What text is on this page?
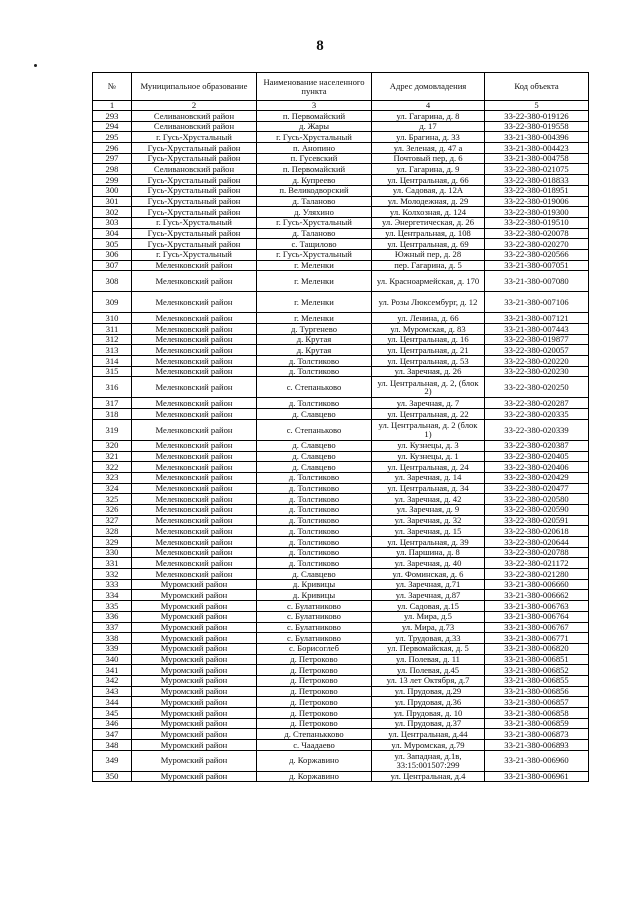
8
№	Муниципальное образование	Наименование населенного пункта	Адрес домовладения	Код объекта
1	2	3	4	5
293	Селивановский район	п. Первомайский	ул. Гагарина, д. 8	33-22-380-019126
294	Селивановский район	д. Жары	д. 17	33-22-380-019558
295	г. Гусь-Хрустальный	г. Гусь-Хрустальный	ул. Брагина, д. 33	33-21-380-004396
296	Гусь-Хрустальный район	п. Анопино	ул. Зеленая, д. 47 а	33-21-380-004423
297	Гусь-Хрустальный район	п. Гусевский	Почтовый пер, д. 6	33-21-380-004758
298	Селивановский район	п. Первомайский	ул. Гагарина, д. 9	33-22-380-021075
299	Гусь-Хрустальный район	д. Купреево	ул. Центральная, д. 66	33-22-380-018833
300	Гусь-Хрустальный район	п. Великодворский	ул. Садовая, д. 12А	33-22-380-018951
301	Гусь-Хрустальный район	д. Таланово	ул. Молодежная, д. 29	33-22-380-019006
302	Гусь-Хрустальный район	д. Уляхино	ул. Колхозная, д. 124	33-22-380-019300
303	г. Гусь-Хрустальный	г. Гусь-Хрустальный	ул. Энергетическая, д. 26	33-22-380-019510
304	Гусь-Хрустальный район	д. Таланово	ул. Центральная, д. 108	33-22-380-020078
305	Гусь-Хрустальный район	с. Тащилово	ул. Центральная, д. 69	33-22-380-020270
306	г. Гусь-Хрустальный	г. Гусь-Хрустальный	Южный пер, д. 28	33-22-380-020566
307	Меленковский район	г. Меленки	пер. Гагарина, д. 5	33-21-380-007051
308	Меленковский район	г. Меленки	ул. Красноармейская, д. 170	33-21-380-007080
309	Меленковский район	г. Меленки	ул. Розы Люксембург, д. 12	33-21-380-007106
310	Меленковский район	г. Меленки	ул. Ленина, д. 66	33-21-380-007121
311	Меленковский район	д. Тургенево	ул. Муромская, д. 83	33-21-380-007443
312	Меленковский район	д. Крутая	ул. Центральная, д. 16	33-22-380-019877
313	Меленковский район	д. Крутая	ул. Центральная, д. 21	33-22-380-020057
314	Меленковский район	д. Толстиково	ул. Центральная, д. 53	33-22-380-020220
315	Меленковский район	д. Толстиково	ул. Заречная, д. 26	33-22-380-020230
316	Меленковский район	с. Степаньково	ул. Центральная, д. 2, (блок 2)	33-22-380-020250
317	Меленковский район	д. Толстиково	ул. Заречная, д. 7	33-22-380-020287
318	Меленковский район	д. Славцево	ул. Центральная, д. 22	33-22-380-020335
319	Меленковский район	с. Степаньково	ул. Центральная, д. 2 (блок 1)	33-22-380-020339
320	Меленковский район	д. Славцево	ул. Кузнецы, д. 3	33-22-380-020387
321	Меленковский район	д. Славцево	ул. Кузнецы, д. 1	33-22-380-020405
322	Меленковский район	д. Славцево	ул. Центральная, д. 24	33-22-380-020406
323	Меленковский район	д. Толстиково	ул. Заречная, д. 14	33-22-380-020429
324	Меленковский район	д. Толстиково	ул. Центральная, д. 34	33-22-380-020477
325	Меленковский район	д. Толстиково	ул. Заречная, д. 42	33-22-380-020580
326	Меленковский район	д. Толстиково	ул. Заречная, д. 9	33-22-380-020590
327	Меленковский район	д. Толстиково	ул. Заречная, д. 32	33-22-380-020591
328	Меленковский район	д. Толстиково	ул. Заречная, д. 15	33-22-380-020618
329	Меленковский район	д. Толстиково	ул. Центральная, д. 39	33-22-380-020644
330	Меленковский район	д. Толстиково	ул. Паршина, д. 8	33-22-380-020788
331	Меленковский район	д. Толстиково	ул. Заречная, д. 40	33-22-380-021172
332	Меленковский район	д. Славцево	ул. Фоминская, д. 6	33-22-380-021280
333	Муромский район	д. Кривицы	ул. Заречная, д.71	33-21-380-006660
334	Муромский район	д. Кривицы	ул. Заречная, д.87	33-21-380-006662
335	Муромский район	с. Булатниково	ул. Садовая, д.15	33-21-380-006763
336	Муромский район	с. Булатниково	ул. Мира, д.5	33-21-380-006764
337	Муромский район	с. Булатниково	ул. Мира, д.73	33-21-380-006767
338	Муромский район	с. Булатниково	ул. Трудовая, д.33	33-21-380-006771
339	Муромский район	с. Борисоглеб	ул. Первомайская, д. 5	33-21-380-006820
340	Муромский район	д. Петроково	ул. Полевая, д. 11	33-21-380-006851
341	Муромский район	д. Петроково	ул. Полевая, д.45	33-21-380-006852
342	Муромский район	д. Петроково	ул. 13 лет Октября, д.7	33-21-380-006855
343	Муромский район	д. Петроково	ул. Прудовая, д.29	33-21-380-006856
344	Муромский район	д. Петроково	ул. Прудовая, д.36	33-21-380-006857
345	Муромский район	д. Петроково	ул. Прудовая, д. 10	33-21-380-006858
346	Муромский район	д. Петроково	ул. Прудовая, д.37	33-21-380-006859
347	Муромский район	д. Степанькково	ул. Центральная, д.44	33-21-380-006873
348	Муромский район	с. Чаадаево	ул. Муромская, д.79	33-21-380-006893
349	Муромский район	д. Коржавино	ул. Западная, д.1в, 33:15:001507:299	33-21-380-006960
350	Муромский район	д. Коржавино	ул. Центральная, д.4	33-21-380-006961
